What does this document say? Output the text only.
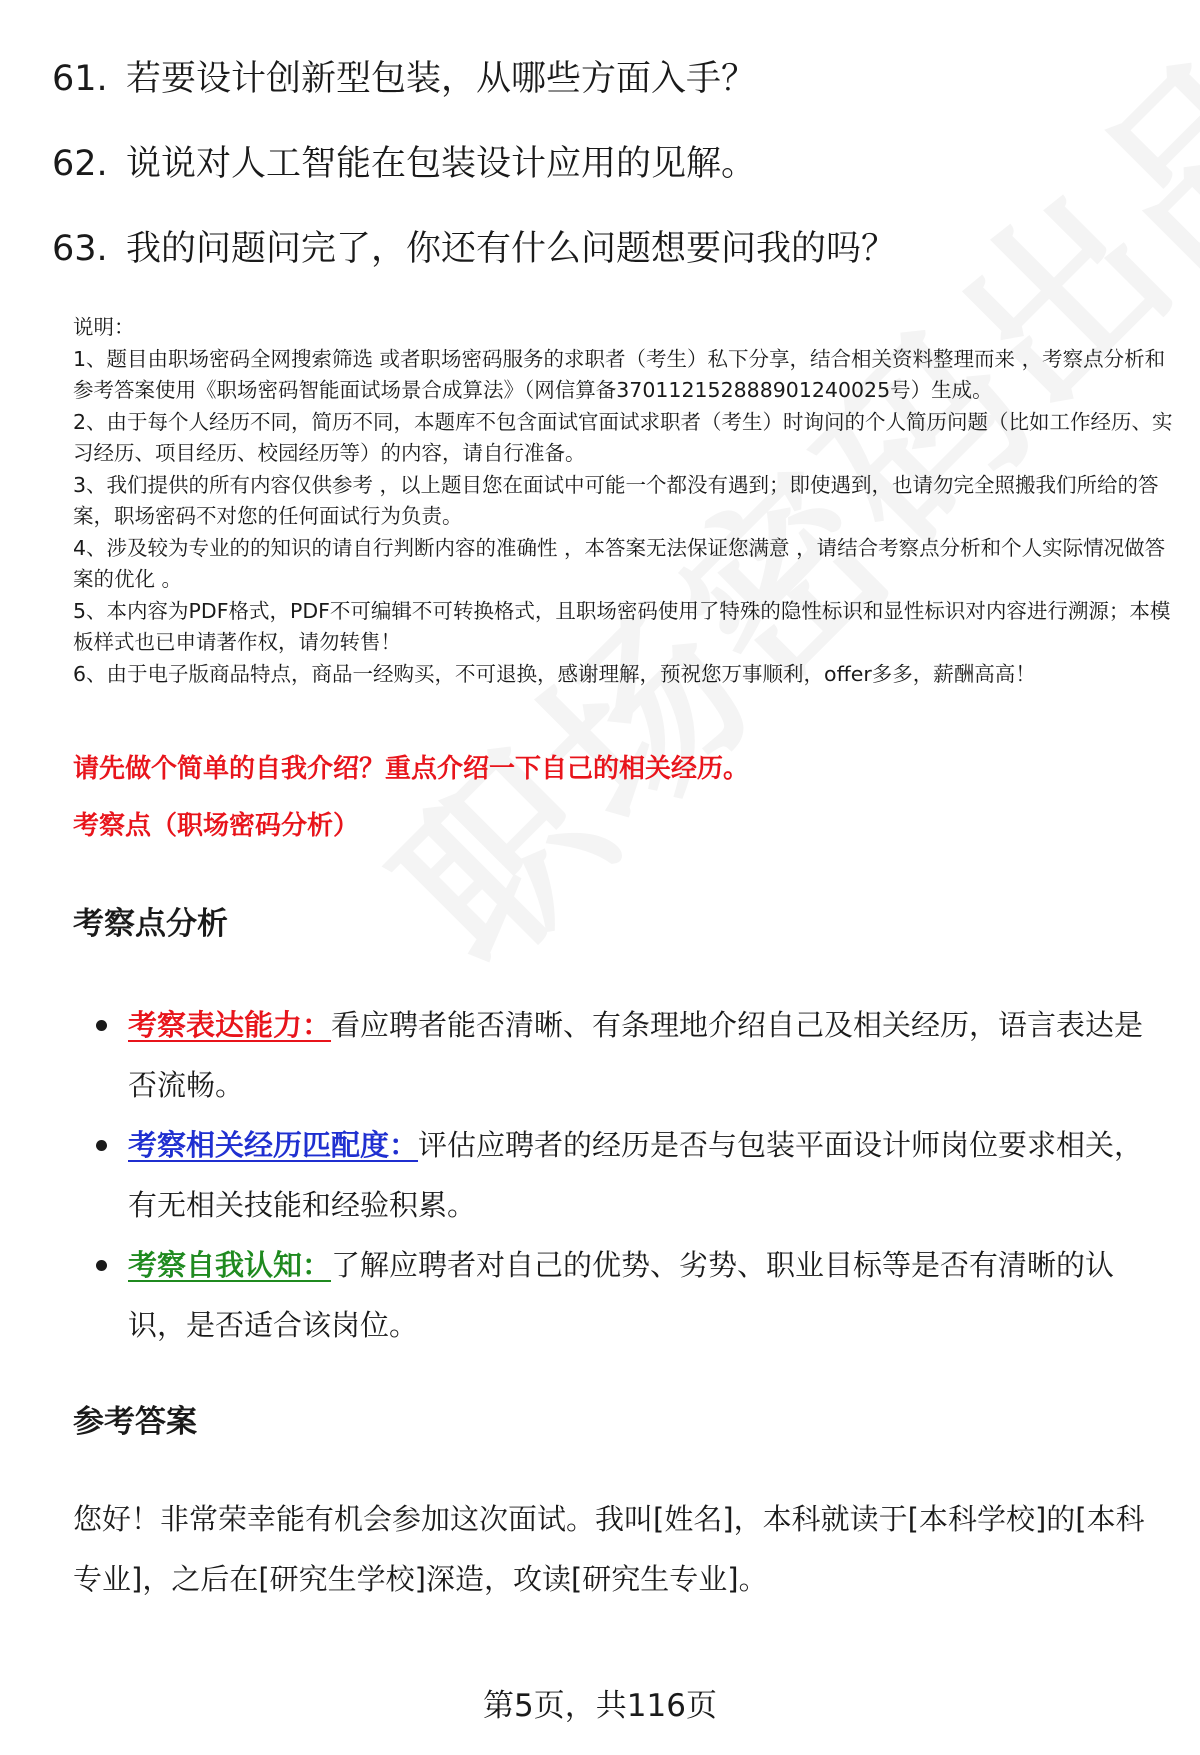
61. 若要设计创新型包装，从哪些方面入手？
62. 说说对人工智能在包装设计应用的见解。
63. 我的问题问完了，你还有什么问题想要问我的吗？

说明：

1、题目由职场密码全网搜索筛选 或者职场密码服务的求职者（考生）私下分享，结合相关资料整理而来 ，考察点分析和参考答案使用《职场密码智能面试场景合成算法》（网信算备370112152888901240025号）生成。

2、由于每个人经历不同，简历不同，本题库不包含面试官面试求职者（考生）时询问的个人简历问题（比如工作经历、实习经历、项目经历、校园经历等）的内容，请自行准备。

3、我们提供的所有内容仅供参考 ，以上题目您在面试中可能一个都没有遇到；即使遇到，也请勿完全照搬我们所给的答案，职场密码不对您的任何面试行为负责。

4、涉及较为专业的的知识的请自行判断内容的准确性 ，本答案无法保证您满意 ，请结合考察点分析和个人实际情况做答案的优化 。

5、本内容为PDF格式，PDF不可编辑不可转换格式，且职场密码使用了特殊的隐性标识和显性标识对内容进行溯源；本模板样式也已申请著作权，请勿转售！

6、由于电子版商品特点，商品一经购买，不可退换，感谢理解，预祝您万事顺利，offer多多，薪酬高高！

请先做个简单的自我介绍？重点介绍一下自己的相关经历。
考察点（职场密码分析）
考察点分析
考察表达能力：看应聘者能否清晰、有条理地介绍自己及相关经历，语言表达是否流畅。
考察相关经历匹配度：评估应聘者的经历是否与包装平面设计师岗位要求相关，有无相关技能和经验积累。
考察自我认知：了解应聘者对自己的优势、劣势、职业目标等是否有清晰的认识，是否适合该岗位。
参考答案

您好！非常荣幸能有机会参加这次面试。我叫[姓名]，本科就读于[本科学校]的[本科专业]，之后在[研究生学校]深造，攻读[研究生专业]。

第5页，共116页
